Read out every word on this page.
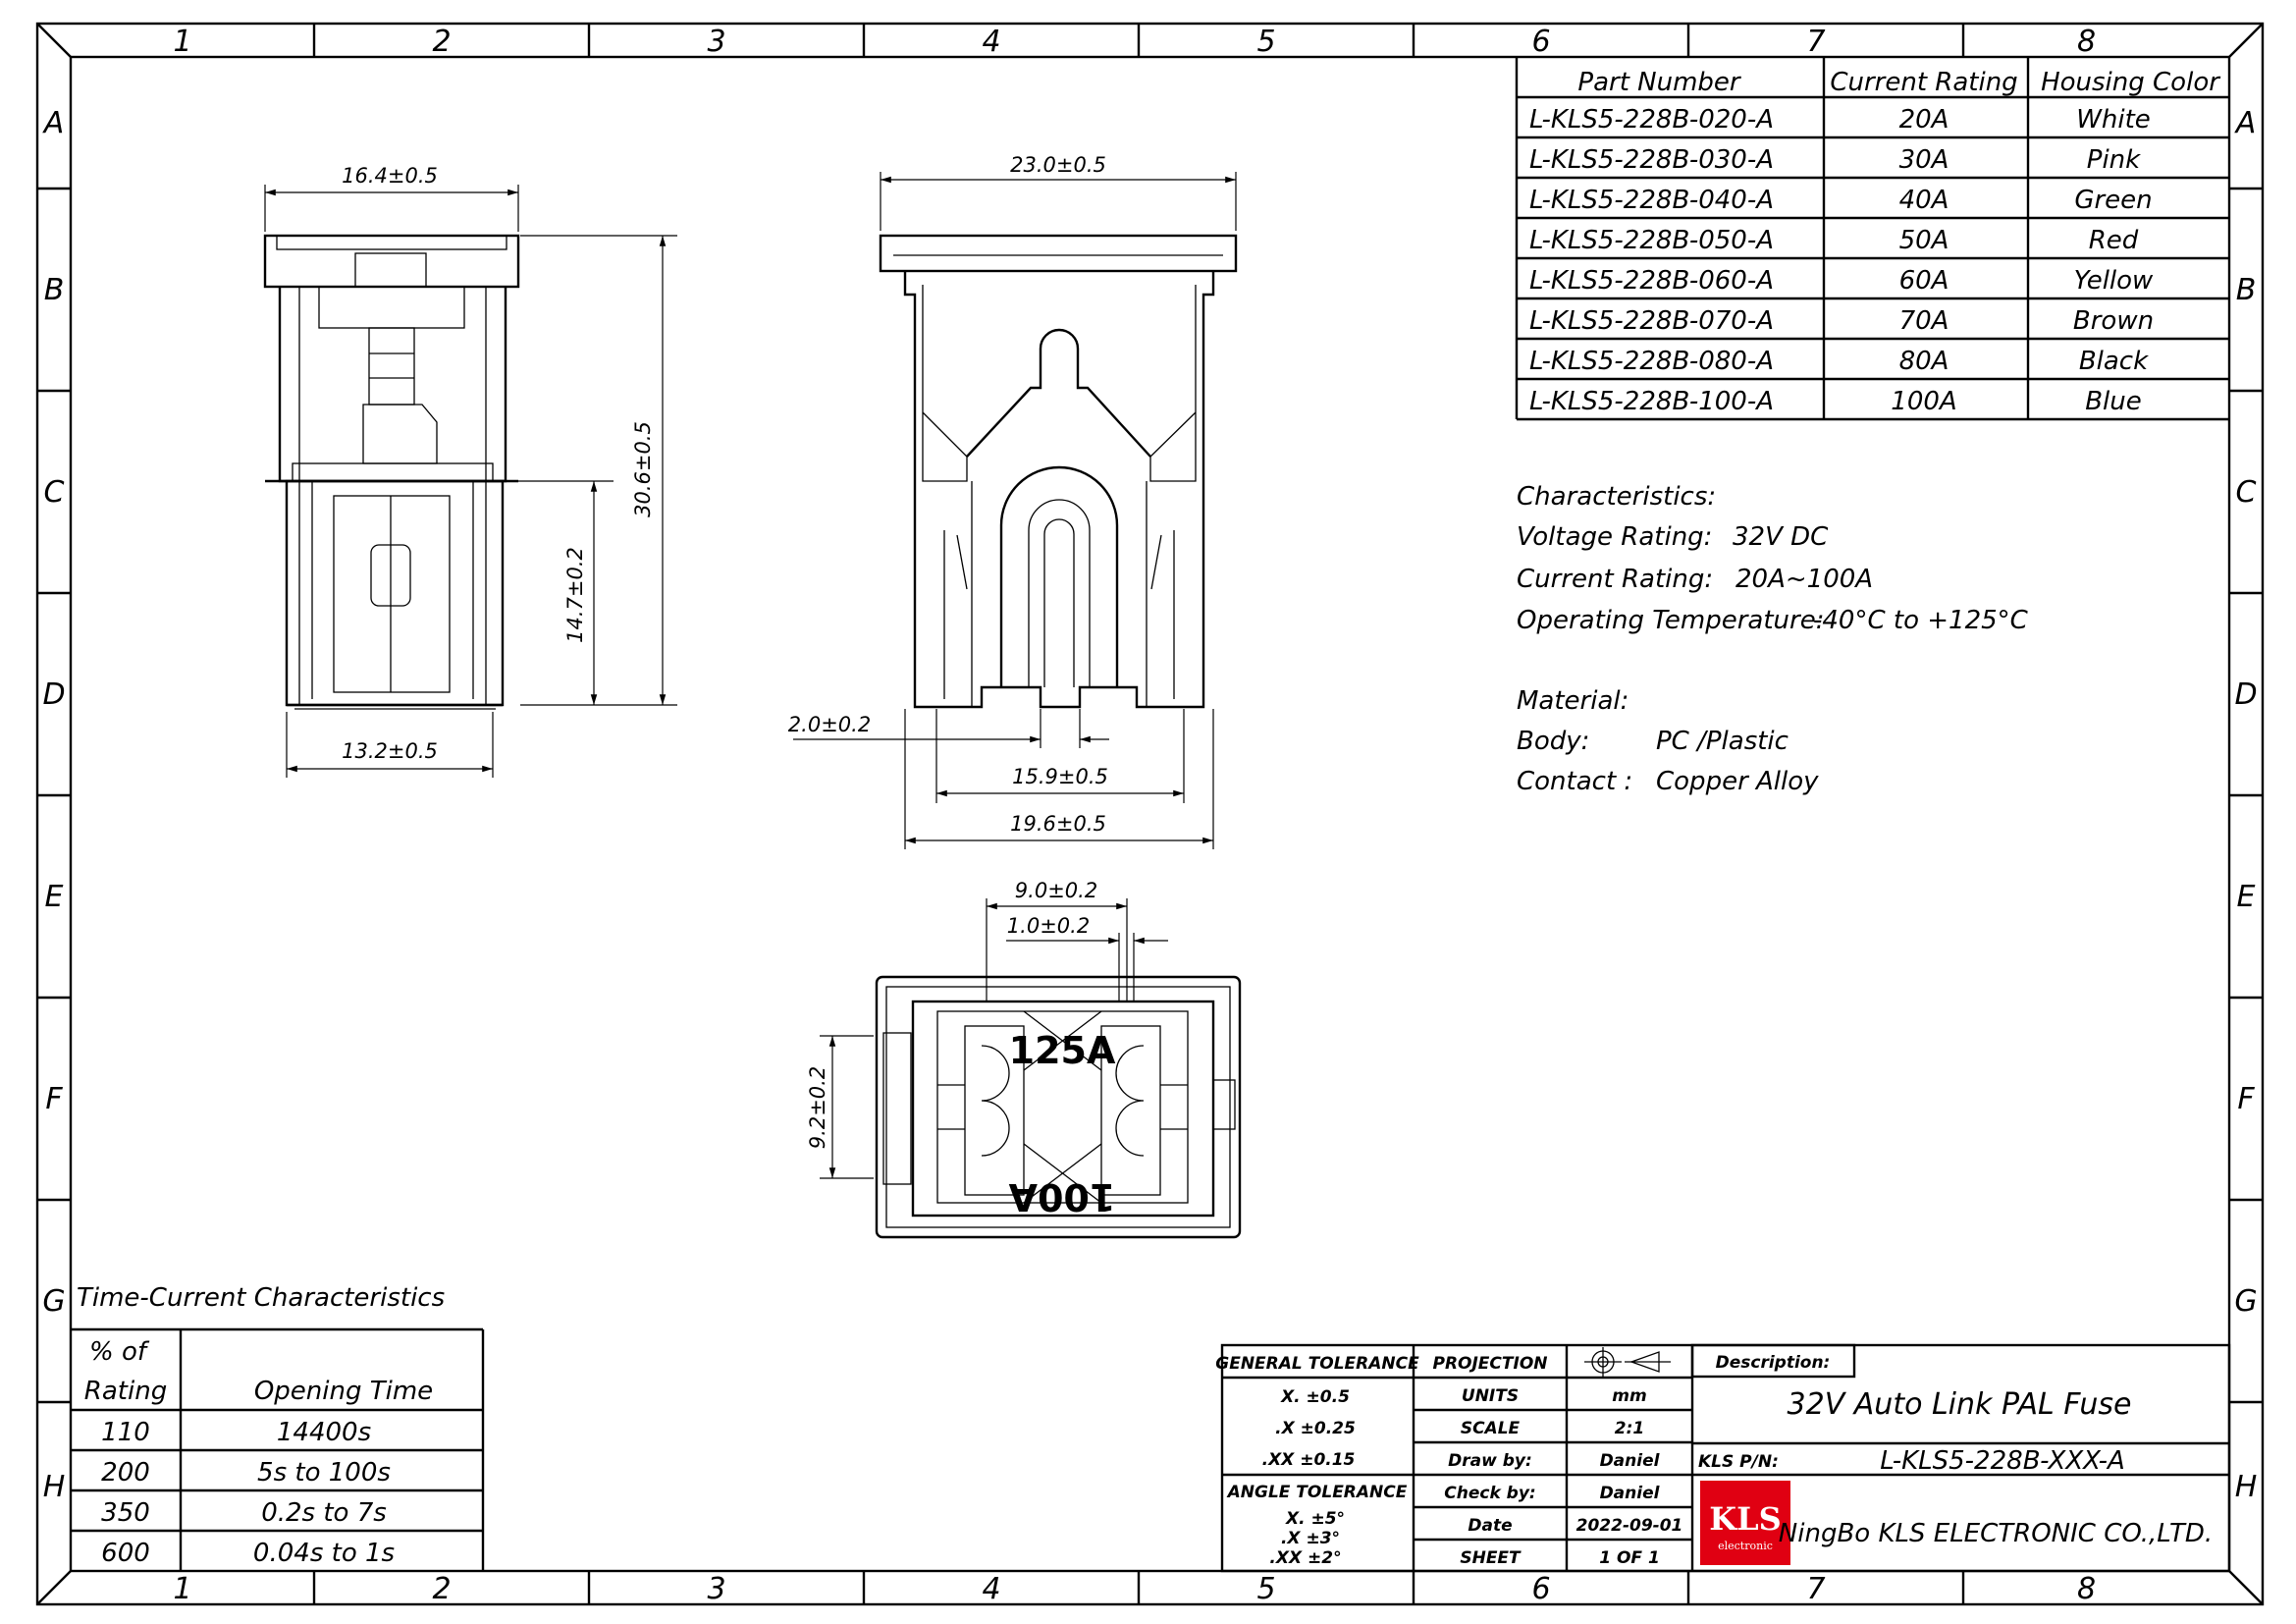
1
1
2
2
3
3
4
4
5
5
6
6
7
7
8
8
A	A
B	B
C	C
D	D
E	E
F	F
G	G
H	H
Part Number	Current Rating Housing Color
L-KLS5-228B-020-A	20A	White
L-KLS5-228B-030-A	30A	Pink
L-KLS5-228B-040-A	40A	Green
L-KLS5-228B-050-A	50A	Red
L-KLS5-228B-060-A	60A	Yellow
L-KLS5-228B-070-A	70A	Brown
L-KLS5-228B-080-A	80A	Black
L-KLS5-228B-100-A	100A	Blue
Characteristics:
Voltage Rating: 32V DC
Current Rating: 20A~100A
Operating Temperature:
-40°C to +125°C
Material:
Body:	PC /Plastic
Contact : Copper Alloy
16.4±0.5
13.2±0.5
30.6±0.5
14.7±0.2
23.0±0.5
2.0±0.2
15.9±0.5
19.6±0.5
125A
100A
9.0±0.2
1.0±0.2
9.2±0.2
Time-Current Characteristics
% of
Rating	Opening Time
110	14400s
200	5s to 100s
350	0.2s to 7s
600	0.04s to 1s
GENERAL TOLERANCE
X. ±0.5
.X ±0.25
.XX ±0.15
ANGLE TOLERANCE
X. ±5°
.X ±3°
.XX ±2°
PROJECTION
UNITS	mm
SCALE	2:1
Draw by:	Daniel
Check by:	Daniel
Date	2022-09-01
SHEET	1 OF 1
Description:
32V Auto Link PAL Fuse
KLS P/N:	L-KLS5-228B-XXX-A
KLS
electronic NingBo KLS ELECTRONIC CO.,LTD.
